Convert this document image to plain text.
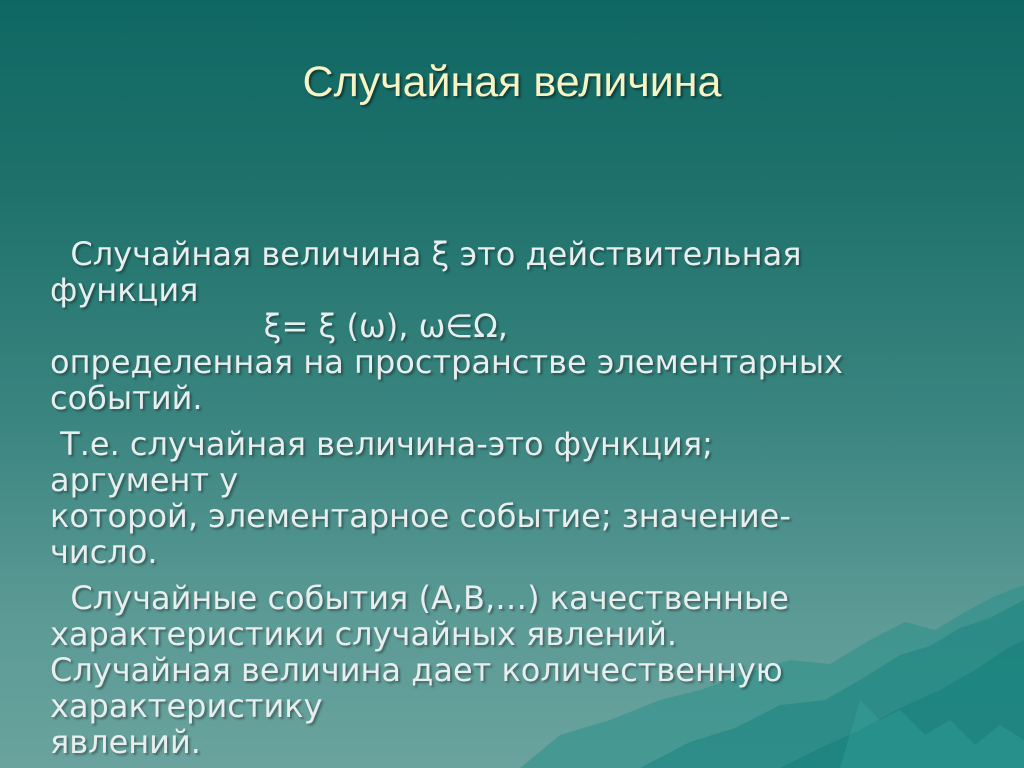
Случайная величина
Случайная величина ξ это действительная
функция
ξ= ξ (ω), ω∈Ω,
определенная на пространстве элементарных
событий.
Т.е. случайная величина-это функция;
аргумент у
которой, элементарное событие; значение-
число.
Случайные события (А,В,…) качественные
характеристики случайных явлений.
Случайная величина дает количественную
характеристику
явлений.
